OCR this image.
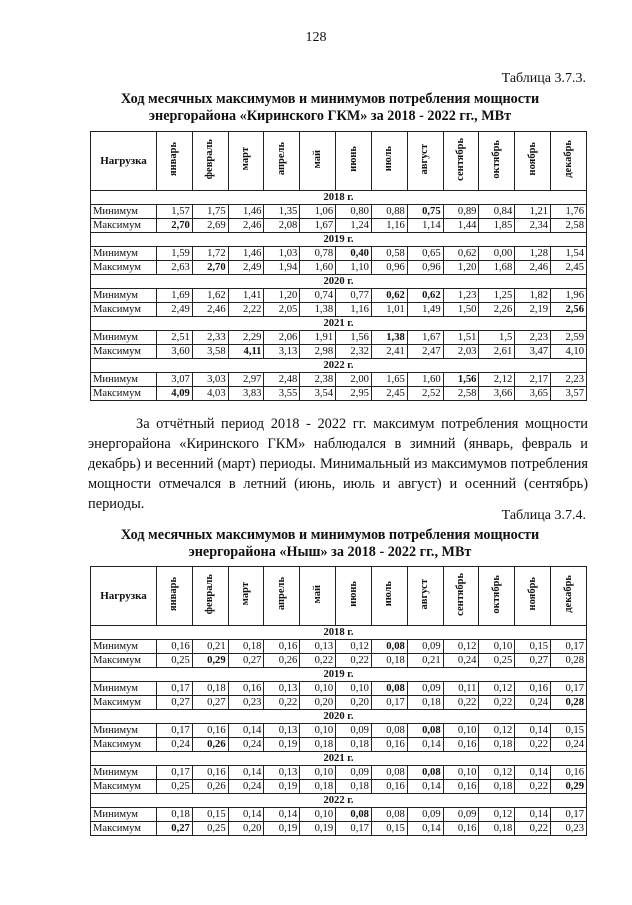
128
Таблица 3.7.3.
Ход месячных максимумов и минимумов потребления мощности
энергорайона «Киринского ГКМ» за 2018 - 2022 гг., МВт
Нагрузка	январь	февраль	март	апрель	май	июнь	июль	август	сентябрь	октябрь	ноябрь	декабрь
2018 г.												
Минимум	1,57	1,75	1,46	1,35	1,06	0,80	0,88	0,75	0,89	0,84	1,21	1,76
Максимум	2,70	2,69	2,46	2,08	1,67	1,24	1,16	1,14	1,44	1,85	2,34	2,58
2019 г.												
Минимум	1,59	1,72	1,46	1,03	0,78	0,40	0,58	0,65	0,62	0,00	1,28	1,54
Максимум	2,63	2,70	2,49	1,94	1,60	1,10	0,96	0,96	1,20	1,68	2,46	2,45
2020 г.												
Минимум	1,69	1,62	1,41	1,20	0,74	0,77	0,62	0,62	1,23	1,25	1,82	1,96
Максимум	2,49	2,46	2,22	2,05	1,38	1,16	1,01	1,49	1,50	2,26	2,19	2,56
2021 г.												
Минимум	2,51	2,33	2,29	2,06	1,91	1,56	1,38	1,67	1,51	1,5	2,23	2,59
Максимум	3,60	3,58	4,11	3,13	2,98	2,32	2,41	2,47	2,03	2,61	3,47	4,10
2022 г.												
Минимум	3,07	3,03	2,97	2,48	2,38	2,00	1,65	1,60	1,56	2,12	2,17	2,23
Максимум	4,09	4,03	3,83	3,55	3,54	2,95	2,45	2,52	2,58	3,66	3,65	3,57
За отчётный период 2018 - 2022 гг. максимум потребления мощности энергорайона «Киринского ГКМ» наблюдался в зимний (январь, февраль и декабрь) и весенний (март) периоды. Минимальный из максимумов потребления мощности отмечался в летний (июнь, июль и август) и осенний (сентябрь) периоды.
Таблица 3.7.4.
Ход месячных максимумов и минимумов потребления мощности
энергорайона «Ныш» за 2018 - 2022 гг., МВт
Нагрузка	январь	февраль	март	апрель	май	июнь	июль	август	сентябрь	октябрь	ноябрь	декабрь
2018 г.												
Минимум	0,16	0,21	0,18	0,16	0,13	0,12	0,08	0,09	0,12	0,10	0,15	0,17
Максимум	0,25	0,29	0,27	0,26	0,22	0,22	0,18	0,21	0,24	0,25	0,27	0,28
2019 г.												
Минимум	0,17	0,18	0,16	0,13	0,10	0,10	0,08	0,09	0,11	0,12	0,16	0,17
Максимум	0,27	0,27	0,23	0,22	0,20	0,20	0,17	0,18	0,22	0,22	0,24	0,28
2020 г.												
Минимум	0,17	0,16	0,14	0,13	0,10	0,09	0,08	0,08	0,10	0,12	0,14	0,15
Максимум	0,24	0,26	0,24	0,19	0,18	0,18	0,16	0,14	0,16	0,18	0,22	0,24
2021 г.												
Минимум	0,17	0,16	0,14	0,13	0,10	0,09	0,08	0,08	0,10	0,12	0,14	0,16
Максимум	0,25	0,26	0,24	0,19	0,18	0,18	0,16	0,14	0,16	0,18	0,22	0,29
2022 г.												
Минимум	0,18	0,15	0,14	0,14	0,10	0,08	0,08	0,09	0,09	0,12	0,14	0,17
Максимум	0,27	0,25	0,20	0,19	0,19	0,17	0,15	0,14	0,16	0,18	0,22	0,23
